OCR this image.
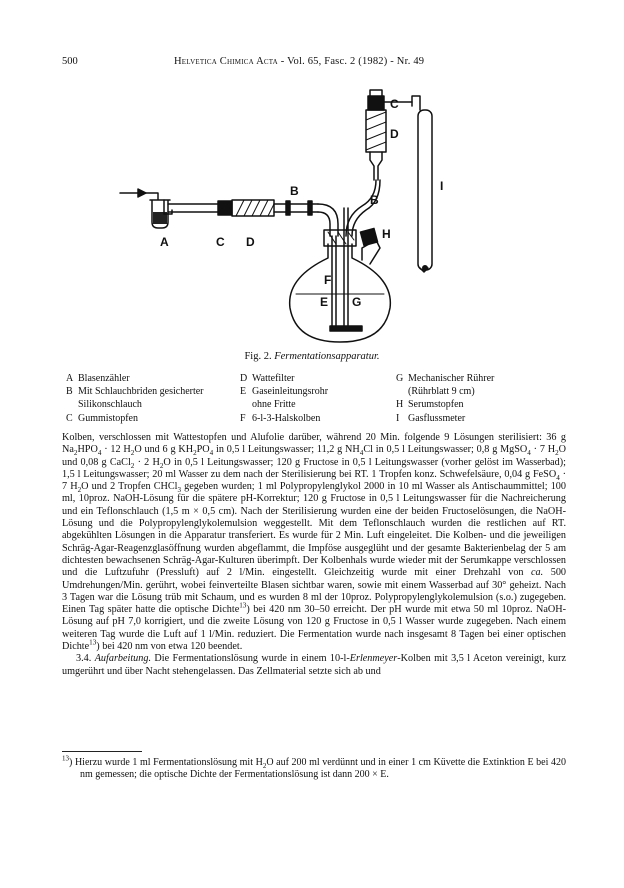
500	Helvetica Chimica Acta - Vol. 65, Fasc. 2 (1982) - Nr. 49
A
B
B
C
C
D
D
E
F
G
H
I
Fig. 2. Fermentationsapparatur.
A Blasenzähler
B Mit Schlauchbriden gesicherter
Silikonschlauch
C Gummistopfen
D Wattefilter
E Gaseinleitungsrohr
ohne Fritte
F 6-l-3-Halskolben
G Mechanischer Rührer
(Rührblatt 9 cm)
H Serumstopfen
I Gasflussmeter

Kolben, verschlossen mit Wattestopfen und Alufolie darüber, während 20 Min. folgende 9 Lösungen sterilisiert: 36 g $Na_2HPO_4 \cdot 12$ $H_2O$ und 6 g $KH_2PO_4$ in 0,5 l Leitungswasser; 11,2 g $NH_4Cl$ in 0,5 l Leitungswasser; 0,8 g MgSO$_4$ · 7 $H_2O$ und 0,08 g CaCl$_2$ · 2 $H_2O$ in 0,5 l Leitungswasser; 120 g Fructose in 0,5 l Leitungswasser (vorher gelöst im Wasserbad); 1,5 l Leitungswasser; 20 ml Wasser zu dem nach der Sterilisierung bei RT. 1 Tropfen konz. Schwefelsäure, 0,04 g FeSO$_4$ · 7 $H_2O$ und 2 Tropfen CHCl$_3$ gegeben wurden; 1 ml Polypropylenglykol 2000 in 10 ml Wasser als Antischaummittel; 100 ml, 10proz. NaOH-Lösung für die spätere pH-Korrektur; 120 g Fructose in 0,5 l Leitungswasser für die Nachreicherung und ein Teflonschlauch (1,5 m × 0,5 cm). Nach der Sterilisierung wurden eine der beiden Fructoselösungen, die NaOH-Lösung und die Polypropylenglykolemulsion weggestellt. Mit dem Teflonschlauch wurden die restlichen auf RT. abgekühlten Lösungen in die Apparatur transferiert. Es wurde für 2 Min. Luft eingeleitet. Die Kolben- und die jeweiligen Schräg-Agar-Reagenzglasöffnung wurden abgeflammt, die Impföse ausgeglüht und der gesamte Bakterienbelag der 5 am dichtesten bewachsenen Schräg-Agar-Kulturen überimpft. Der Kolbenhals wurde wieder mit der Serumkappe verschlossen und die Luftzufuhr (Pressluft) auf 2 l/Min. eingestellt. Gleichzeitig wurde mit einer Drehzahl von ca. 500 Umdrehungen/Min. gerührt, wobei feinverteilte Blasen sichtbar waren, sowie mit einem Wasserbad auf 30° geheizt. Nach 3 Tagen war die Lösung trüb mit Schaum, und es wurden 8 ml der 10proz. Polypropylenglykolemulsion (s.o.) zugegeben. Einen Tag später hatte die optische Dichte$^{13}$) bei 420 nm 30–50 erreicht. Der pH wurde mit etwa 50 ml 10proz. NaOH-Lösung auf pH 7,0 korrigiert, und die zweite Lösung von 120 g Fructose in 0,5 l Wasser wurde zugegeben. Nach einem weiteren Tag wurde die Luft auf 1 l/Min. reduziert. Die Fermentation wurde nach insgesamt 8 Tagen bei einer optischen Dichte$^{13}$) bei 420 nm von etwa 120 beendet.

3.4. Aufarbeitung. Die Fermentationslösung wurde in einem 10-l-Erlenmeyer-Kolben mit 3,5 l Aceton vereinigt, kurz umgerührt und über Nacht stehengelassen. Das Zellmaterial setzte sich ab und

$^{13}$) Hierzu wurde 1 ml Fermentationslösung mit $H_2O$ auf 200 ml verdünnt und in einer 1 cm Küvette die Extinktion E bei 420 nm gemessen; die optische Dichte der Fermentationslösung ist dann 200 × E.
